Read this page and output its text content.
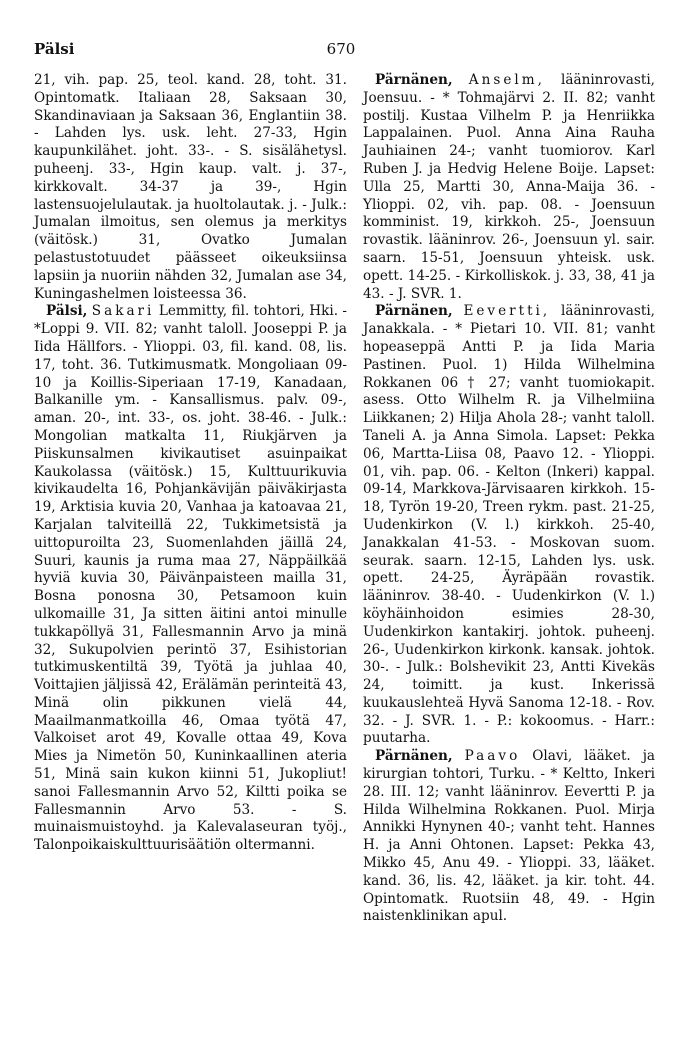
Pälsi	670

21, vih. pap. 25, teol. kand. 28, toht. 31. Opintomatk. Italiaan 28, Saksaan 30, Skandinaviaan ja Saksaan 36, Englantiin 38. - Lahden lys. usk. leht. 27-33, Hgin kaupunkilähet. joht. 33-. - S. sisälähetysl. puheenj. 33-, Hgin kaup. valt. j. 37-, kirkkovalt. 34-37 ja 39-, Hgin lastensuojelulautak. ja huoltolautak. j. - Julk.: Jumalan ilmoitus, sen olemus ja merkitys (väitösk.) 31, Ovatko Jumalan pelastustotuudet päässeet oikeuksiinsa lapsiin ja nuoriin nähden 32, Jumalan ase 34, Kuningashelmen loisteessa 36.

Pälsi, Sakari Lemmitty, fil. tohtori, Hki. - *Loppi 9. VII. 82; vanht taloll. Jooseppi P. ja Iida Hällfors. - Ylioppi. 03, fil. kand. 08, lis. 17, toht. 36. Tutkimusmatk. Mongoliaan 09-10 ja Koillis-Siperiaan 17-19, Kanadaan, Balkanille ym. - Kansallismus. palv. 09-, aman. 20-, int. 33-, os. joht. 38-46. - Julk.: Mongolian matkalta 11, Riukjärven ja Piiskunsalmen kivikautiset asuinpaikat Kaukolassa (väitösk.) 15, Kulttuurikuvia kivikaudelta 16, Pohjankävijän päiväkirjasta 19, Arktisia kuvia 20, Vanhaa ja katoavaa 21, Karjalan talviteillä 22, Tukkimetsistä ja uittopuroilta 23, Suomenlahden jäillä 24, Suuri, kaunis ja ruma maa 27, Näppäilkää hyviä kuvia 30, Päivänpaisteen mailla 31, Bosna ponosna 30, Petsamoon kuin ulkomaille 31, Ja sitten äitini antoi minulle tukkapöllyä 31, Fallesmannin Arvo ja minä 32, Sukupolvien perintö 37, Esihistorian tutkimuskentiltä 39, Työtä ja juhlaa 40, Voittajien jäljissä 42, Erälämän perinteitä 43, Minä olin pikkunen vielä 44, Maailmanmatkoilla 46, Omaa työtä 47, Valkoiset arot 49, Kovalle ottaa 49, Kova Mies ja Nimetön 50, Kuninkaallinen ateria 51, Minä sain kukon kiinni 51, Jukopliut! sanoi Fallesmannin Arvo 52, Kiltti poika se Fallesmannin Arvo 53. - S. muinaismuistoyhd. ja Kalevalaseuran työj., Talonpoikaiskulttuurisäätiön oltermanni.

Pärnänen, Anselm, lääninrovasti, Joensuu. - * Tohmajärvi 2. II. 82; vanht postilj. Kustaa Vilhelm P. ja Henriikka Lappalainen. Puol. Anna Aina Rauha Jauhiainen 24-; vanht tuomiorov. Karl Ruben J. ja Hedvig Helene Boije. Lapset: Ulla 25, Martti 30, Anna-Maija 36. - Ylioppi. 02, vih. pap. 08. - Joensuun komminist. 19, kirkkoh. 25-, Joensuun rovastik. lääninrov. 26-, Joensuun yl. sair. saarn. 15-51, Joensuun yhteisk. usk. opett. 14-25. - Kirkolliskok. j. 33, 38, 41 ja 43. - J. SVR. 1.

Pärnänen, Eevertti, lääninrovasti, Janakkala. - * Pietari 10. VII. 81; vanht hopeaseppä Antti P. ja Iida Maria Pastinen. Puol. 1) Hilda Wilhelmina Rokkanen 06 † 27; vanht tuomiokapit. asess. Otto Wilhelm R. ja Vilhelmiina Liikkanen; 2) Hilja Ahola 28-; vanht taloll. Taneli A. ja Anna Simola. Lapset: Pekka 06, Martta-Liisa 08, Paavo 12. - Ylioppi. 01, vih. pap. 06. - Kelton (Inkeri) kappal. 09-14, Markkova-Järvisaaren kirkkoh. 15-18, Tyrön 19-20, Treen rykm. past. 21-25, Uudenkirkon (V. l.) kirkkoh. 25-40, Janakkalan 41-53. - Moskovan suom. seurak. saarn. 12-15, Lahden lys. usk. opett. 24-25, Äyräpään rovastik. lääninrov. 38-40. - Uudenkirkon (V. l.) köyhäinhoidon esimies 28-30, Uudenkirkon kantakirj. johtok. puheenj. 26-, Uudenkirkon kirkonk. kansak. johtok. 30-. - Julk.: Bolshevikit 23, Antti Kivekäs 24, toimitt. ja kust. Inkerissä kuukauslehteä Hyvä Sanoma 12-18. - Rov. 32. - J. SVR. 1. - P.: kokoomus. - Harr.: puutarha.

Pärnänen, Paavo Olavi, lääket. ja kirurgian tohtori, Turku. - * Keltto, Inkeri 28. III. 12; vanht lääninrov. Eevertti P. ja Hilda Wilhelmina Rokkanen. Puol. Mirja Annikki Hynynen 40-; vanht teht. Hannes H. ja Anni Ohtonen. Lapset: Pekka 43, Mikko 45, Anu 49. - Ylioppi. 33, lääket. kand. 36, lis. 42, lääket. ja kir. toht. 44. Opintomatk. Ruotsiin 48, 49. - Hgin naistenklinikan apul.
